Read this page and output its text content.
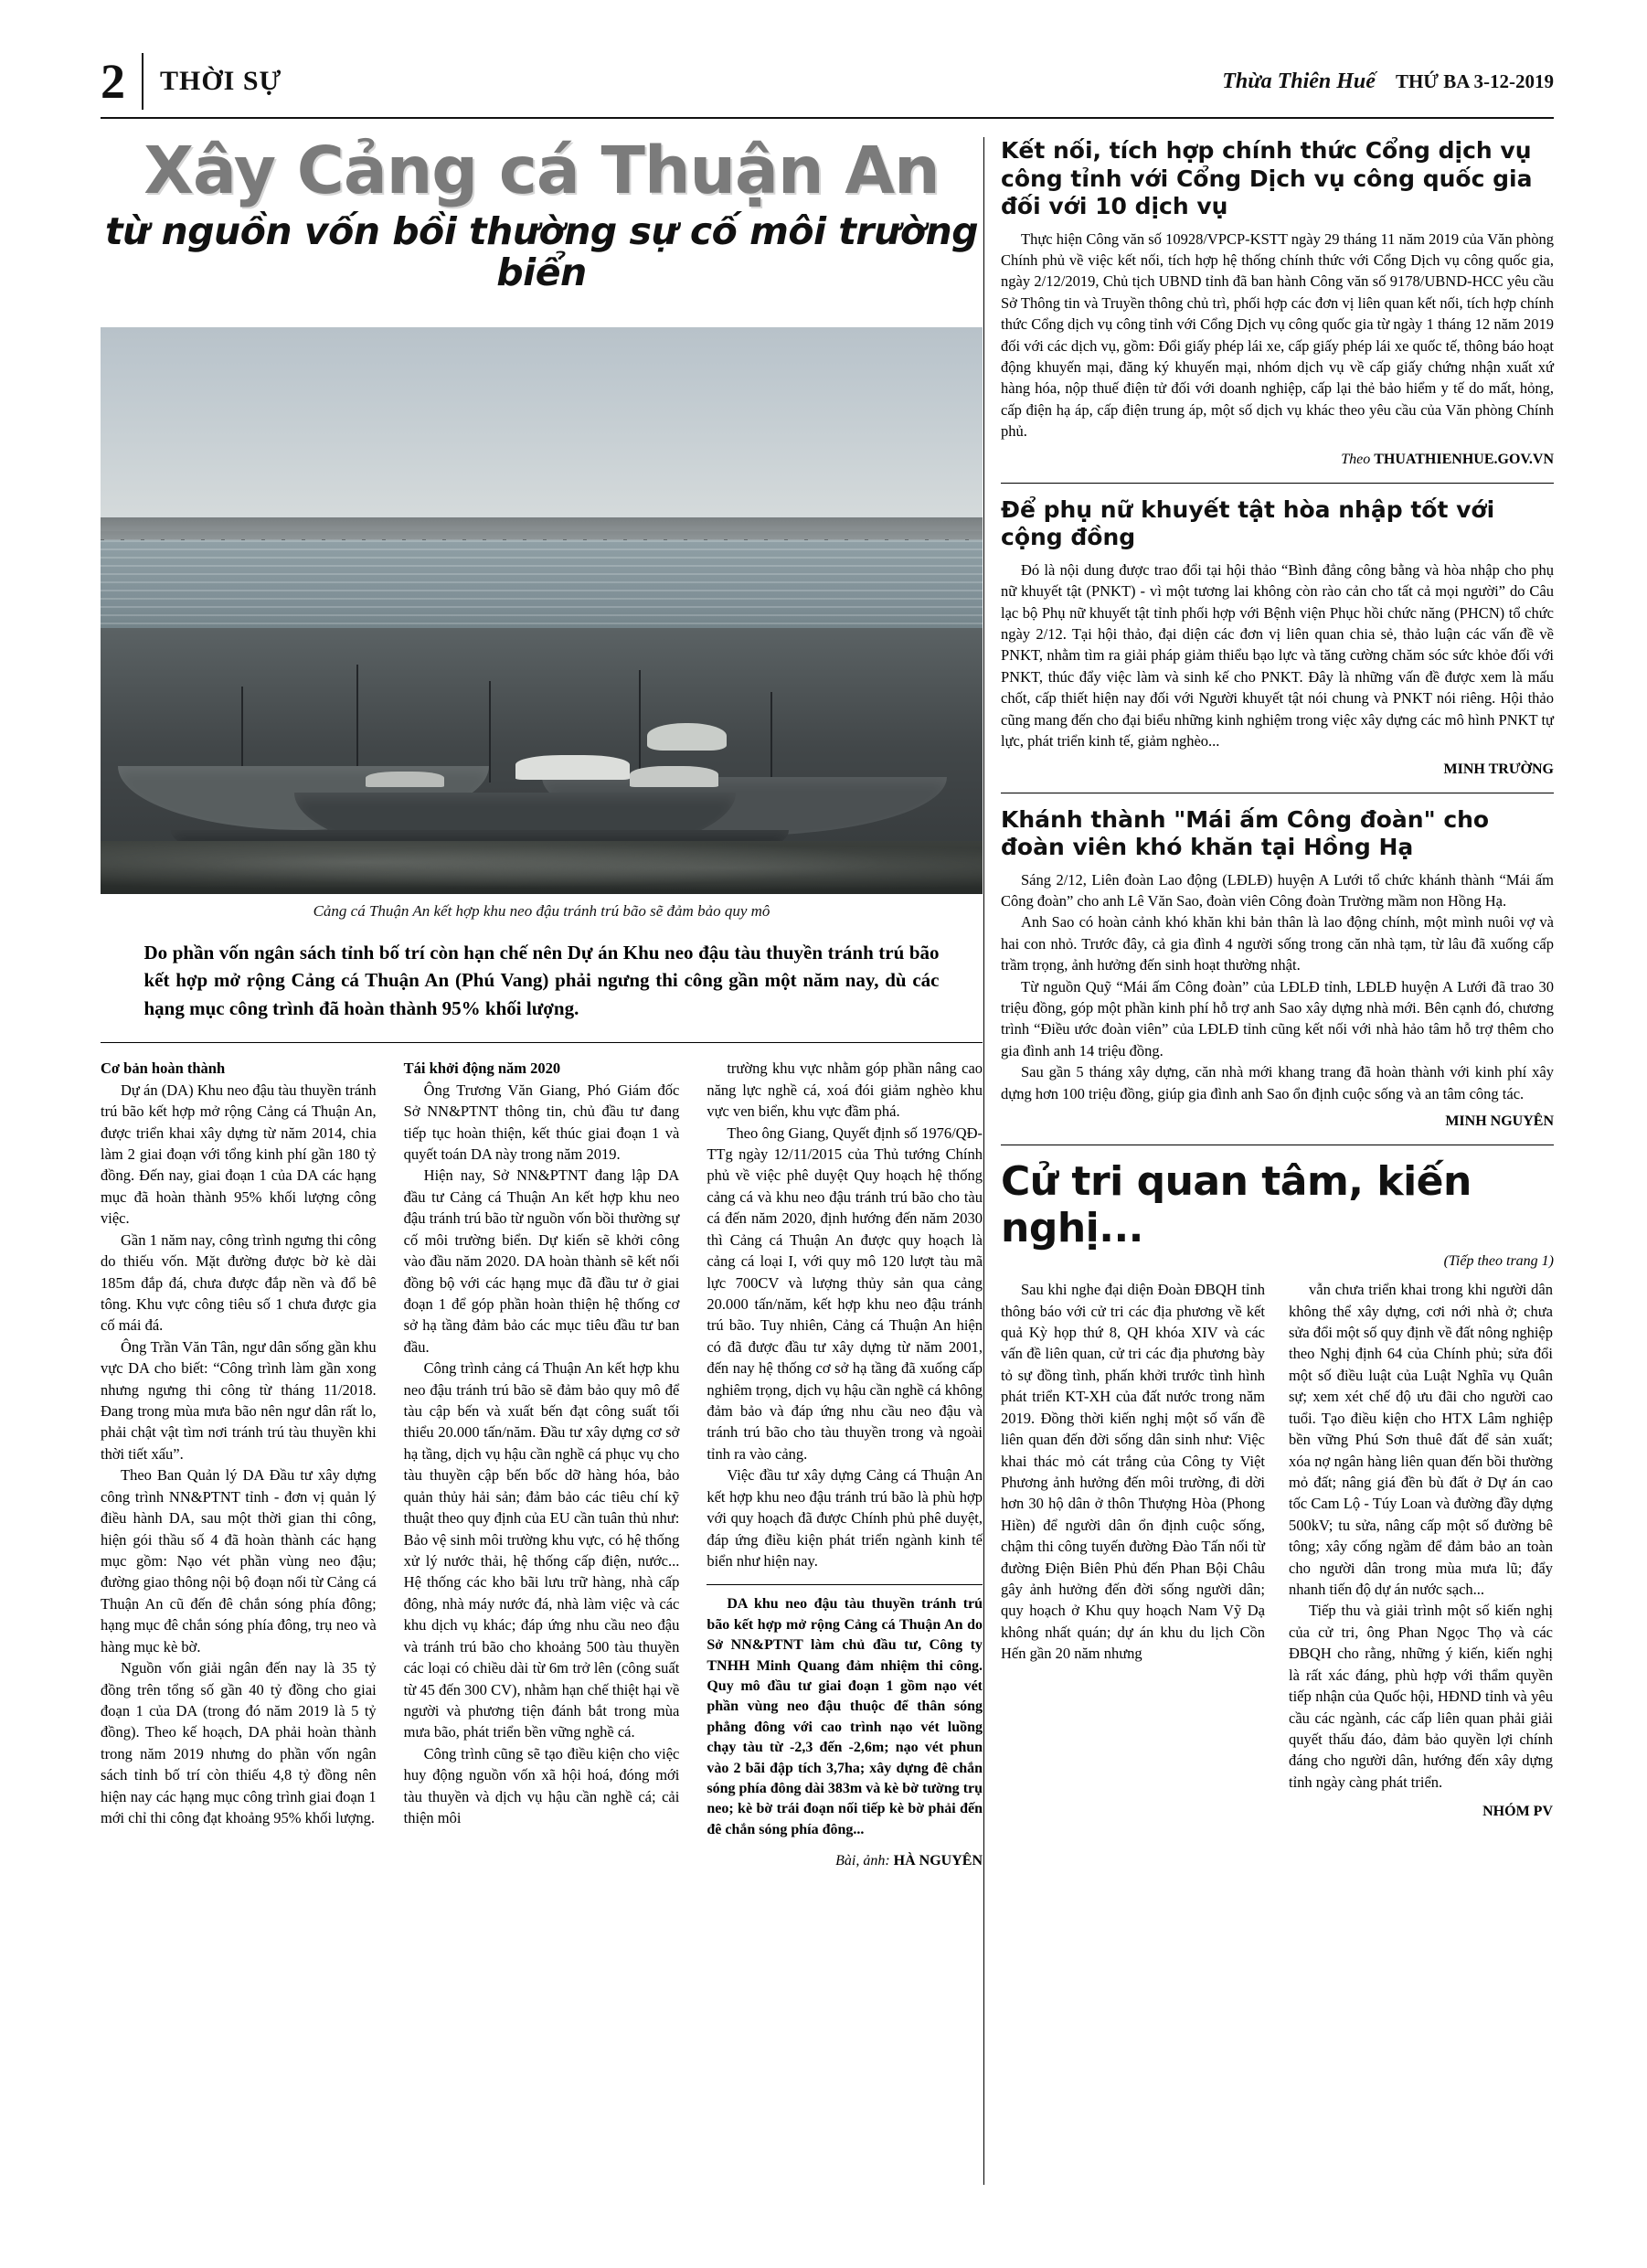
2	THỜI SỰ	Thừa Thiên Huế THỨ BA 3-12-2019
Xây Cảng cá Thuận An
từ nguồn vốn bồi thường sự cố môi trường biển
Cảng cá Thuận An kết hợp khu neo đậu tránh trú bão sẽ đảm bảo quy mô
Do phần vốn ngân sách tỉnh bố trí còn hạn chế nên Dự án Khu neo đậu tàu thuyền tránh trú bão kết hợp mở rộng Cảng cá Thuận An (Phú Vang) phải ngưng thi công gần một năm nay, dù các hạng mục công trình đã hoàn thành 95% khối lượng.

Cơ bản hoàn thành

Dự án (DA) Khu neo đậu tàu thuyền tránh trú bão kết hợp mở rộng Cảng cá Thuận An, được triển khai xây dựng từ năm 2014, chia làm 2 giai đoạn với tổng kinh phí gần 180 tỷ đồng. Đến nay, giai đoạn 1 của DA các hạng mục đã hoàn thành 95% khối lượng công việc.

Gần 1 năm nay, công trình ngưng thi công do thiếu vốn. Mặt đường được bờ kè dài 185m đắp đá, chưa được đắp nền và đổ bê tông. Khu vực công tiêu số 1 chưa được gia cố mái đá.

Ông Trần Văn Tân, ngư dân sống gần khu vực DA cho biết: “Công trình làm gần xong nhưng ngưng thi công từ tháng 11/2018. Đang trong mùa mưa bão nên ngư dân rất lo, phải chật vật tìm nơi tránh trú tàu thuyền khi thời tiết xấu”.

Theo Ban Quản lý DA Đầu tư xây dựng công trình NN&PTNT tỉnh - đơn vị quản lý điều hành DA, sau một thời gian thi công, hiện gói thầu số 4 đã hoàn thành các hạng mục gồm: Nạo vét phần vùng neo đậu; đường giao thông nội bộ đoạn nối từ Cảng cá Thuận An cũ đến đê chắn sóng phía đông; hạng mục đê chắn sóng phía đông, trụ neo và hàng mục kè bờ.

Nguồn vốn giải ngân đến nay là 35 tỷ đồng trên tổng số gần 40 tỷ đồng cho giai đoạn 1 của DA (trong đó năm 2019 là 5 tỷ đồng). Theo kế hoạch, DA phải hoàn thành trong năm 2019 nhưng do phần vốn ngân sách tỉnh bố trí còn thiếu 4,8 tỷ đồng nên hiện nay các hạng mục công trình giai đoạn 1 mới chỉ thi công đạt khoảng 95% khối lượng.

Tái khởi động năm 2020

Ông Trương Văn Giang, Phó Giám đốc Sở NN&PTNT thông tin, chủ đầu tư đang tiếp tục hoàn thiện, kết thúc giai đoạn 1 và quyết toán DA này trong năm 2019.

Hiện nay, Sở NN&PTNT đang lập DA đầu tư Cảng cá Thuận An kết hợp khu neo đậu tránh trú bão từ nguồn vốn bồi thường sự cố môi trường biển. Dự kiến sẽ khởi công vào đầu năm 2020. DA hoàn thành sẽ kết nối đồng bộ với các hạng mục đã đầu tư ở giai đoạn 1 để góp phần hoàn thiện hệ thống cơ sở hạ tầng đảm bảo các mục tiêu đầu tư ban đầu.

Công trình cảng cá Thuận An kết hợp khu neo đậu tránh trú bão sẽ đảm bảo quy mô để tàu cập bến và xuất bến đạt công suất tối thiểu 20.000 tấn/năm. Đầu tư xây dựng cơ sở hạ tầng, dịch vụ hậu cần nghề cá phục vụ cho tàu thuyền cập bến bốc dỡ hàng hóa, bảo quản thủy hải sản; đảm bảo các tiêu chí kỹ thuật theo quy định của EU cần tuân thủ như: Bảo vệ sinh môi trường khu vực, có hệ thống xử lý nước thải, hệ thống cấp điện, nước... Hệ thống các kho bãi lưu trữ hàng, nhà cấp đông, nhà máy nước đá, nhà làm việc và các khu dịch vụ khác; đáp ứng nhu cầu neo đậu và tránh trú bão cho khoảng 500 tàu thuyền các loại có chiều dài từ 6m trở lên (công suất từ 45 đến 300 CV), nhằm hạn chế thiệt hại về người và phương tiện đánh bắt trong mùa mưa bão, phát triển bền vững nghề cá.

Công trình cũng sẽ tạo điều kiện cho việc huy động nguồn vốn xã hội hoá, đóng mới tàu thuyền và dịch vụ hậu cần nghề cá; cải thiện môi

trường khu vực nhằm góp phần nâng cao năng lực nghề cá, xoá đói giảm nghèo khu vực ven biển, khu vực đầm phá.

Theo ông Giang, Quyết định số 1976/QĐ-TTg ngày 12/11/2015 của Thủ tướng Chính phủ về việc phê duyệt Quy hoạch hệ thống cảng cá và khu neo đậu tránh trú bão cho tàu cá đến năm 2020, định hướng đến năm 2030 thì Cảng cá Thuận An được quy hoạch là cảng cá loại I, với quy mô 120 lượt tàu mã lực 700CV và lượng thủy sản qua cảng 20.000 tấn/năm, kết hợp khu neo đậu tránh trú bão. Tuy nhiên, Cảng cá Thuận An hiện có đã được đầu tư xây dựng từ năm 2001, đến nay hệ thống cơ sở hạ tầng đã xuống cấp nghiêm trọng, dịch vụ hậu cần nghề cá không đảm bảo và đáp ứng nhu cầu neo đậu và tránh trú bão cho tàu thuyền trong và ngoài tỉnh ra vào cảng.

Việc đầu tư xây dựng Cảng cá Thuận An kết hợp khu neo đậu tránh trú bão là phù hợp với quy hoạch đã được Chính phủ phê duyệt, đáp ứng điều kiện phát triển ngành kinh tế biển như hiện nay.

DA khu neo đậu tàu thuyền tránh trú bão kết hợp mở rộng Cảng cá Thuận An do Sở NN&PTNT làm chủ đầu tư, Công ty TNHH Minh Quang đảm nhiệm thi công. Quy mô đầu tư giai đoạn 1 gồm nạo vét phần vùng neo đậu thuộc để thân sóng phẳng đông với cao trình nạo vét luồng chạy tàu từ -2,3 đến -2,6m; nạo vét phun vào 2 bãi đập tích 3,7ha; xây dựng đê chắn sóng phía đông dài 383m và kè bờ tường trụ neo; kè bờ trái đoạn nối tiếp kè bờ phải đến đê chắn sóng phía đông...
Bài, ảnh: HÀ NGUYÊN
Kết nối, tích hợp chính thức Cổng dịch vụ công tỉnh với Cổng Dịch vụ công quốc gia đối với 10 dịch vụ

Thực hiện Công văn số 10928/VPCP-KSTT ngày 29 tháng 11 năm 2019 của Văn phòng Chính phủ về việc kết nối, tích hợp hệ thống chính thức với Cổng Dịch vụ công quốc gia, ngày 2/12/2019, Chủ tịch UBND tỉnh đã ban hành Công văn số 9178/UBND-HCC yêu cầu Sở Thông tin và Truyền thông chủ trì, phối hợp các đơn vị liên quan kết nối, tích hợp chính thức Cổng dịch vụ công tỉnh với Cổng Dịch vụ công quốc gia từ ngày 1 tháng 12 năm 2019 đối với các dịch vụ, gồm: Đổi giấy phép lái xe, cấp giấy phép lái xe quốc tế, thông báo hoạt động khuyến mại, đăng ký khuyến mại, nhóm dịch vụ về cấp giấy chứng nhận xuất xứ hàng hóa, nộp thuế điện tử đối với doanh nghiệp, cấp lại thẻ bảo hiểm y tế do mất, hỏng, cấp điện hạ áp, cấp điện trung áp, một số dịch vụ khác theo yêu cầu của Văn phòng Chính phủ.

Theo THUATHIENHUE.GOV.VN
Để phụ nữ khuyết tật hòa nhập tốt với cộng đồng

Đó là nội dung được trao đổi tại hội thảo “Bình đẳng công bằng và hòa nhập cho phụ nữ khuyết tật (PNKT) - vì một tương lai không còn rào cản cho tất cả mọi người” do Câu lạc bộ Phụ nữ khuyết tật tỉnh phối hợp với Bệnh viện Phục hồi chức năng (PHCN) tổ chức ngày 2/12. Tại hội thảo, đại diện các đơn vị liên quan chia sẻ, thảo luận các vấn đề về PNKT, nhằm tìm ra giải pháp giảm thiểu bạo lực và tăng cường chăm sóc sức khỏe đối với PNKT, thúc đẩy việc làm và sinh kế cho PNKT. Đây là những vấn đề được xem là mấu chốt, cấp thiết hiện nay đối với Người khuyết tật nói chung và PNKT nói riêng. Hội thảo cũng mang đến cho đại biểu những kinh nghiệm trong việc xây dựng các mô hình PNKT tự lực, phát triển kinh tế, giảm nghèo...

MINH TRƯỜNG
Khánh thành "Mái ấm Công đoàn" cho đoàn viên khó khăn tại Hồng Hạ

Sáng 2/12, Liên đoàn Lao động (LĐLĐ) huyện A Lưới tổ chức khánh thành “Mái ấm Công đoàn” cho anh Lê Văn Sao, đoàn viên Công đoàn Trường mầm non Hồng Hạ.

Anh Sao có hoàn cảnh khó khăn khi bản thân là lao động chính, một mình nuôi vợ và hai con nhỏ. Trước đây, cả gia đình 4 người sống trong căn nhà tạm, từ lâu đã xuống cấp trầm trọng, ảnh hưởng đến sinh hoạt thường nhật.

Từ nguồn Quỹ “Mái ấm Công đoàn” của LĐLĐ tỉnh, LĐLĐ huyện A Lưới đã trao 30 triệu đồng, góp một phần kinh phí hỗ trợ anh Sao xây dựng nhà mới. Bên cạnh đó, chương trình “Điều ước đoàn viên” của LĐLĐ tỉnh cũng kết nối với nhà hảo tâm hỗ trợ thêm cho gia đình anh 14 triệu đồng.

Sau gần 5 tháng xây dựng, căn nhà mới khang trang đã hoàn thành với kinh phí xây dựng hơn 100 triệu đồng, giúp gia đình anh Sao ổn định cuộc sống và an tâm công tác.

MINH NGUYÊN
Cử tri quan tâm, kiến nghị...
(Tiếp theo trang 1)

Sau khi nghe đại diện Đoàn ĐBQH tỉnh thông báo với cử tri các địa phương về kết quả Kỳ họp thứ 8, QH khóa XIV và các vấn đề liên quan, cử tri các địa phương bày tỏ sự đồng tình, phấn khởi trước tình hình phát triển KT-XH của đất nước trong năm 2019. Đồng thời kiến nghị một số vấn đề liên quan đến đời sống dân sinh như: Việc khai thác mỏ cát trắng của Công ty Việt Phương ảnh hưởng đến môi trường, đi dời hơn 30 hộ dân ở thôn Thượng Hòa (Phong Hiền) để người dân ổn định cuộc sống, chậm thi công tuyến đường Đào Tấn nối từ đường Điện Biên Phủ đến Phan Bội Châu gây ảnh hưởng đến đời sống người dân; quy hoạch ở Khu quy hoạch Nam Vỹ Dạ không nhất quán; dự án khu du lịch Cồn Hến gần 20 năm nhưng

vẫn chưa triển khai trong khi người dân không thể xây dựng, cơi nới nhà ở; chưa sửa đổi một số quy định về đất nông nghiệp theo Nghị định 64 của Chính phủ; sửa đổi một số điều luật của Luật Nghĩa vụ Quân sự; xem xét chế độ ưu đãi cho người cao tuổi. Tạo điều kiện cho HTX Lâm nghiệp bền vững Phú Sơn thuê đất để sản xuất; xóa nợ ngân hàng liên quan đến bồi thường mỏ đất; nâng giá đền bù đất ở Dự án cao tốc Cam Lộ - Túy Loan và đường đầy dựng 500kV; tu sửa, nâng cấp một số đường bê tông; xây cống ngầm để đảm bảo an toàn cho người dân trong mùa mưa lũ; đẩy nhanh tiến độ dự án nước sạch...

Tiếp thu và giải trình một số kiến nghị của cử tri, ông Phan Ngọc Thọ và các ĐBQH cho rằng, những ý kiến, kiến nghị là rất xác đáng, phù hợp với thẩm quyền tiếp nhận của Quốc hội, HĐND tỉnh và yêu cầu các ngành, các cấp liên quan phải giải quyết thấu đáo, đảm bảo quyền lợi chính đáng cho người dân, hướng đến xây dựng tỉnh ngày càng phát triển.

NHÓM PV
